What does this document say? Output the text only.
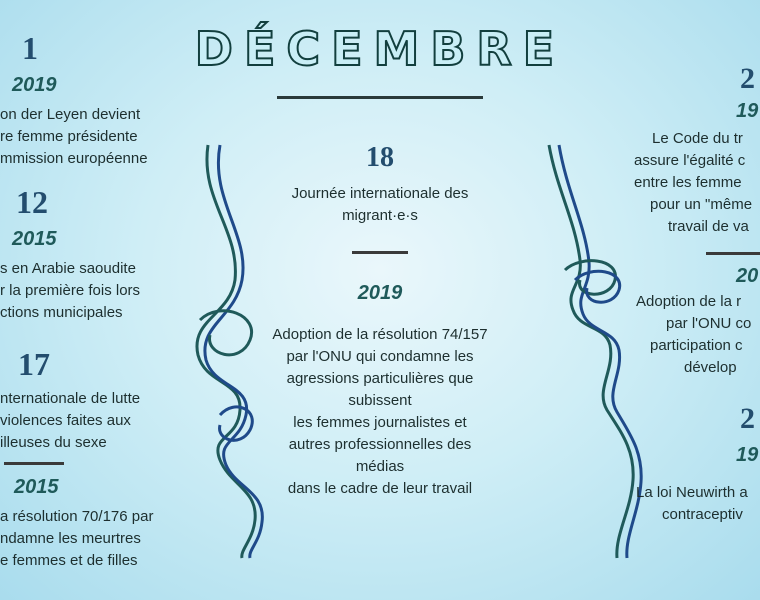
DÉCEMBRE
1
2019
on der Leyen devient
re femme présidente
mmission européenne
12
2015
s en Arabie saoudite
r la première fois lors
ctions municipales
17
nternationale de lutte
violences faites aux
illeuses du sexe
2015
a résolution 70/176 par
ndamne les meurtres
e femmes et de filles
18
Journée internationale des
migrant·e·s
2019
Adoption de la résolution 74/157
par l'ONU qui condamne les
agressions particulières que
subissent
les femmes journalistes et
autres professionnelles des
médias
dans le cadre de leur travail
2
19
Le Code du tr
assure l'égalité c
entre les femme
pour un "même
travail de va
20
Adoption de la r
par l'ONU co
participation c
dévelop
2
19
La loi Neuwirth a
contraceptiv
